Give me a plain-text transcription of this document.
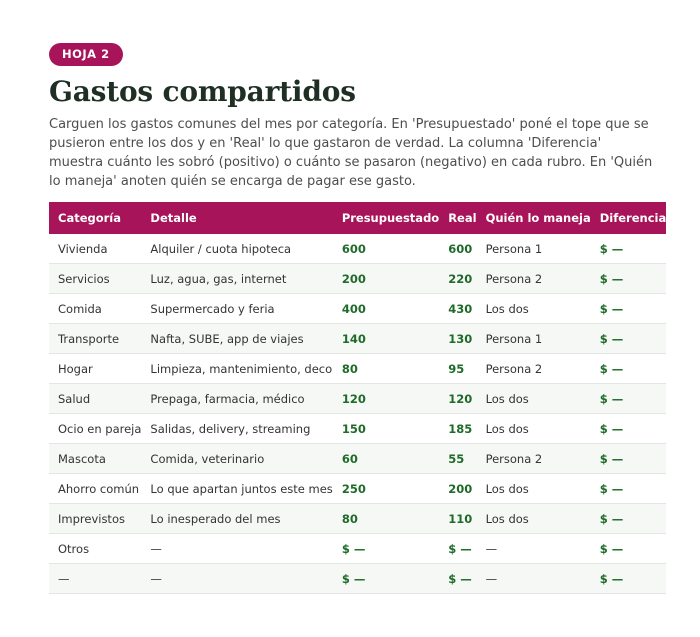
HOJA 2
Gastos compartidos

Carguen los gastos comunes del mes por categoría. En 'Presupuestado' poné el tope que se pusieron entre los dos y en 'Real' lo que gastaron de verdad. La columna 'Diferencia' muestra cuánto les sobró (positivo) o cuánto se pasaron (negativo) en cada rubro. En 'Quién lo maneja' anoten quién se encarga de pagar ese gasto.

Categoría	Detalle	Presupuestado	Real	Quién lo maneja	Diferencia
Vivienda	Alquiler / cuota hipoteca	600	600	Persona 1	$ —
Servicios	Luz, agua, gas, internet	200	220	Persona 2	$ —
Comida	Supermercado y feria	400	430	Los dos	$ —
Transporte	Nafta, SUBE, app de viajes	140	130	Persona 1	$ —
Hogar	Limpieza, mantenimiento, deco	80	95	Persona 2	$ —
Salud	Prepaga, farmacia, médico	120	120	Los dos	$ —
Ocio en pareja	Salidas, delivery, streaming	150	185	Los dos	$ —
Mascota	Comida, veterinario	60	55	Persona 2	$ —
Ahorro común	Lo que apartan juntos este mes	250	200	Los dos	$ —
Imprevistos	Lo inesperado del mes	80	110	Los dos	$ —
Otros	—	$ —	$ —	—	$ —
—	—	$ —	$ —	—	$ —
